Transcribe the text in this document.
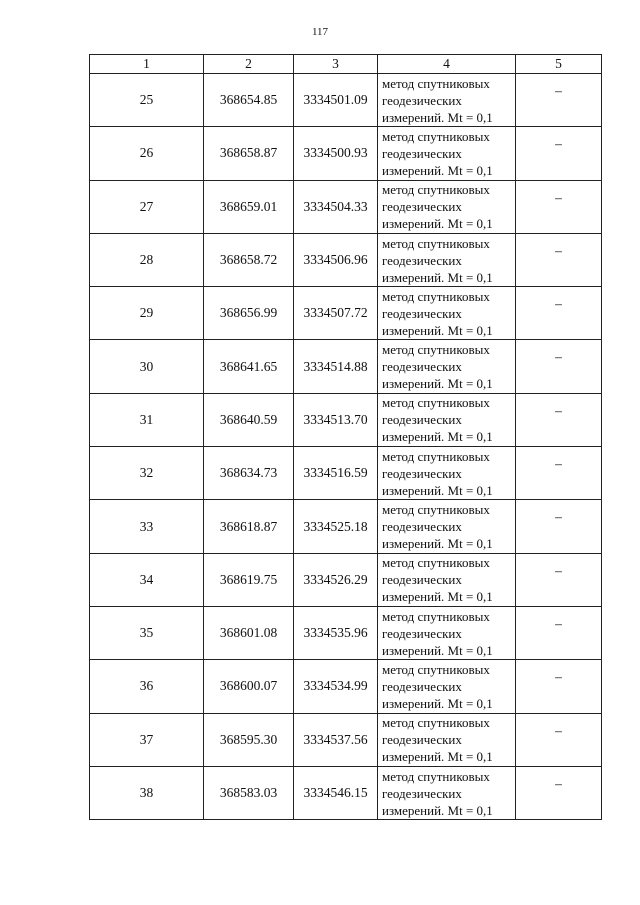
117
1	2	3	4	5
25	368654.85	3334501.09	метод спутниковых геодезических измерений. Mt = 0,1	–
26	368658.87	3334500.93	метод спутниковых геодезических измерений. Mt = 0,1	–
27	368659.01	3334504.33	метод спутниковых геодезических измерений. Mt = 0,1	–
28	368658.72	3334506.96	метод спутниковых геодезических измерений. Mt = 0,1	–
29	368656.99	3334507.72	метод спутниковых геодезических измерений. Mt = 0,1	–
30	368641.65	3334514.88	метод спутниковых геодезических измерений. Mt = 0,1	–
31	368640.59	3334513.70	метод спутниковых геодезических измерений. Mt = 0,1	–
32	368634.73	3334516.59	метод спутниковых геодезических измерений. Mt = 0,1	–
33	368618.87	3334525.18	метод спутниковых геодезических измерений. Mt = 0,1	–
34	368619.75	3334526.29	метод спутниковых геодезических измерений. Mt = 0,1	–
35	368601.08	3334535.96	метод спутниковых геодезических измерений. Mt = 0,1	–
36	368600.07	3334534.99	метод спутниковых геодезических измерений. Mt = 0,1	–
37	368595.30	3334537.56	метод спутниковых геодезических измерений. Mt = 0,1	–
38	368583.03	3334546.15	метод спутниковых геодезических измерений. Mt = 0,1	–
